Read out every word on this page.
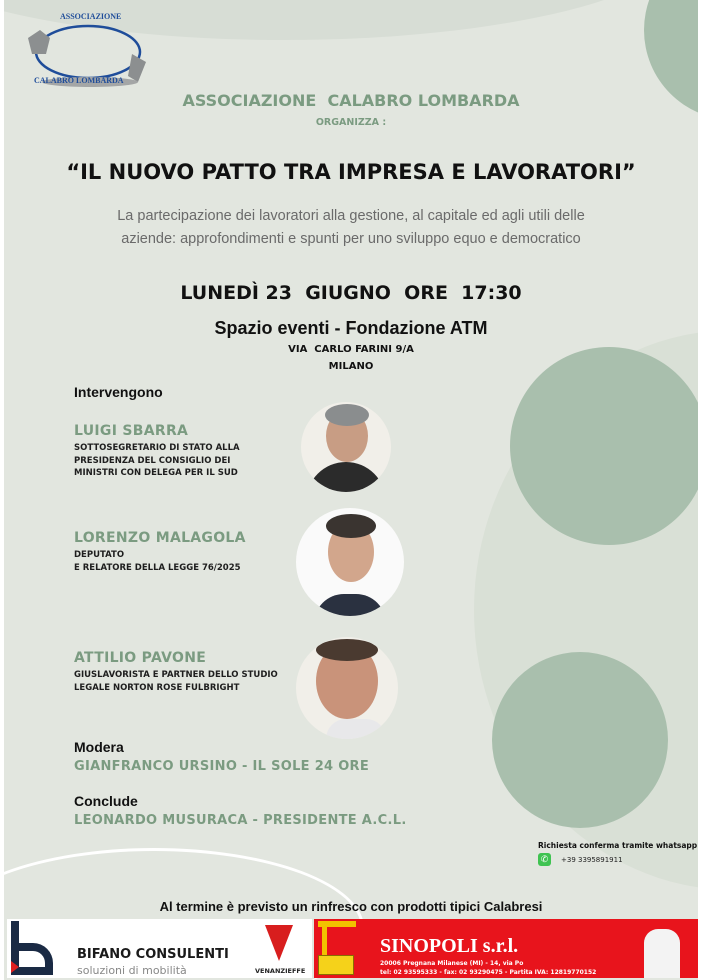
ASSOCIAZIONE
CALABRO LOMBARDA
ASSOCIAZIONE  CALABRO LOMBARDA
ORGANIZZA :
“IL NUOVO PATTO TRA IMPRESA E LAVORATORI”
La partecipazione dei lavoratori alla gestione, al capitale ed agli utili delle
aziende: approfondimenti e spunti per uno sviluppo equo e democratico
LUNEDÌ 23  GIUGNO  ORE  17:30
Spazio eventi - Fondazione ATM
VIA  CARLO FARINI 9/A
MILANO
Intervengono
LUIGI SBARRA
SOTTOSEGRETARIO DI STATO ALLA
PRESIDENZA DEL CONSIGLIO DEI
MINISTRI CON DELEGA PER IL SUD
LORENZO MALAGOLA
DEPUTATO
E RELATORE DELLA LEGGE 76/2025
ATTILIO PAVONE
GIUSLAVORISTA E PARTNER DELLO STUDIO
LEGALE NORTON ROSE FULBRIGHT
Modera
GIANFRANCO URSINO - IL SOLE 24 ORE
Conclude
LEONARDO MUSURACA - PRESIDENTE A.C.L.
Richiesta conferma tramite whatsapp
✆	+39 3395891911
Al termine è previsto un rinfresco con prodotti tipici Calabresi
BIFANO CONSULENTI
soluzioni di mobilità	VENANZIEFFE
SINOPOLI s.r.l.
20006 Pregnana Milanese (MI) - 14, via Po
tel: 02 93595333 - fax: 02 93290475 - Partita IVA: 12819770152
